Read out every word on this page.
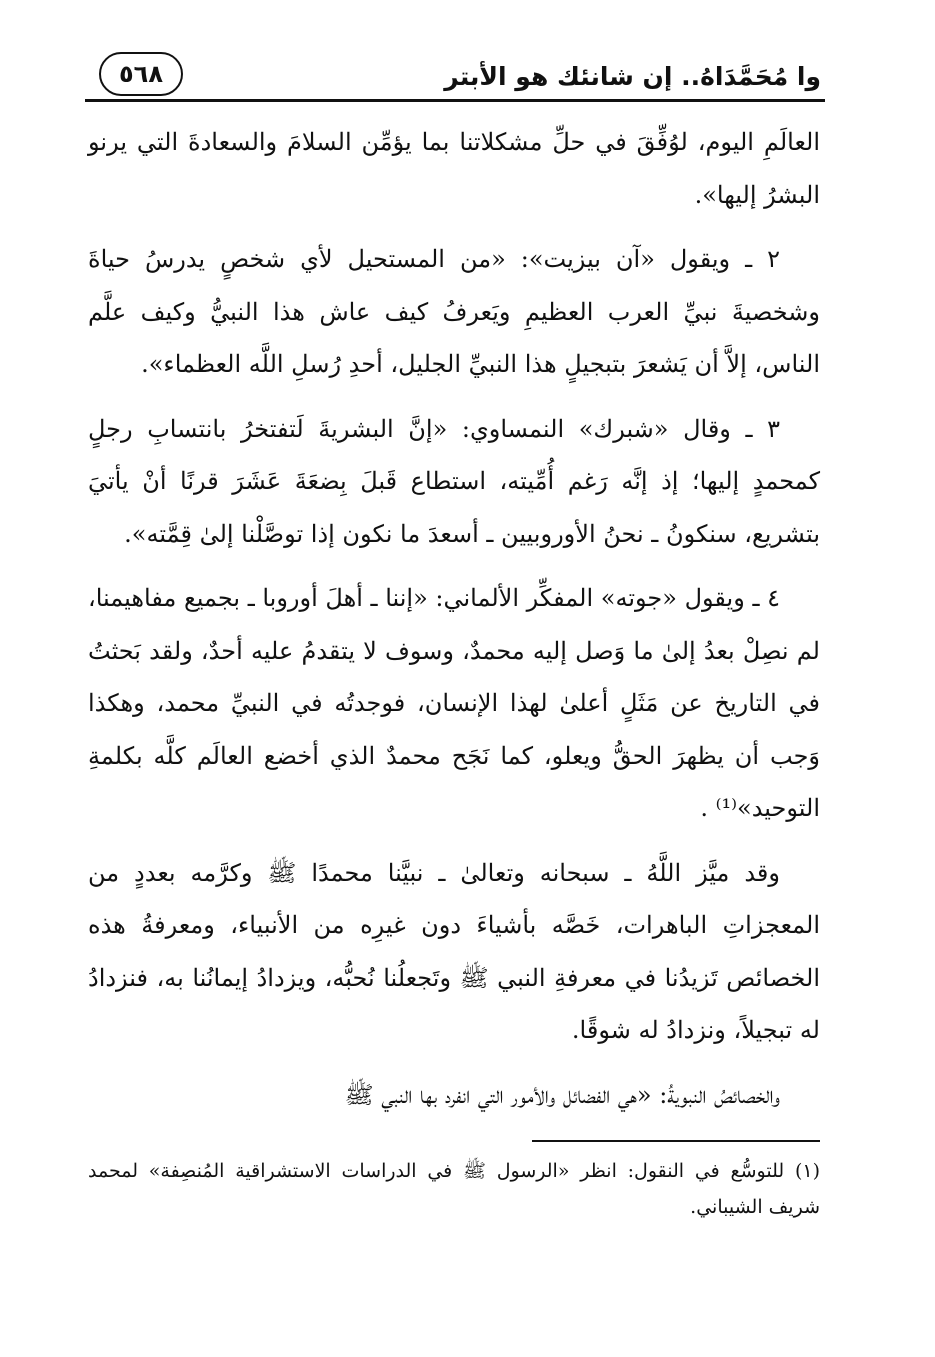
وا مُحَمَّدَاهُ.. إن شانئك هو الأبتر
٥٦٨

العالَمِ اليوم، لوُفِّقَ في حلِّ مشكلاتنا بما يؤمِّن السلامَ والسعادةَ التي يرنو البشرُ إليها».

٢ ـ ويقول «آن بيزيت»: «من المستحيل لأي شخصٍ يدرسُ حياةَ وشخصيةَ نبيِّ العرب العظيمِ ويَعرفُ كيف عاش هذا النبيُّ وكيف علَّم الناس، إلاَّ أن يَشعرَ بتبجيلٍ هذا النبيِّ الجليل، أحدِ رُسلِ اللَّه العظماء».

٣ ـ وقال «شبرك» النمساوي: «إنَّ البشريةَ لَتفتخرُ بانتسابِ رجلٍ كمحمدٍ إليها؛ إذ إنَّه رَغم أُمِّيته، استطاع قَبلَ بِضعَةَ عَشَرَ قرنًا أنْ يأتيَ بتشريع، سنكونُ ـ نحنُ الأوروبيين ـ أسعدَ ما نكون إذا توصَّلْنا إلىٰ قِمَّته».

٤ ـ ويقول «جوته» المفكِّر الألماني: «إننا ـ أهلَ أوروبا ـ بجميع مفاهيمنا، لم نصِلْ بعدُ إلىٰ ما وَصل إليه محمدٌ، وسوف لا يتقدمُ عليه أحدٌ، ولقد بَحثتُ في التاريخ عن مَثَلٍ أعلىٰ لهذا الإنسان، فوجدتُه في النبيِّ محمد، وهكذا وَجب أن يظهرَ الحقُّ ويعلو، كما نَجَح محمدٌ الذي أخضع العالَم كلَّه بكلمةِ التوحيد»⁽¹⁾ .

وقد ميَّز اللَّهُ ـ سبحانه وتعالىٰ ـ نبيَّنا محمدًا ﷺ وكرَّمه بعددٍ من المعجزاتِ الباهرات، خَصَّه بأشياءَ دون غيرِه من الأنبياء، ومعرفةُ هذه الخصائص تَزيدُنا في معرفةِ النبي ﷺ وتَجعلُنا نُحبُّه، ويزدادُ إيمانُنا به، فنزدادُ له تبجيلاً، ونزدادُ له شوقًا.

والخصائصُ النبويةُ: «هي الفضائل والأمور التي انفرد بها النبي ﷺ

(١) للتوسُّع في النقول: انظر «الرسول ﷺ في الدراسات الاستشراقية المُنصِفة» لمحمد شريف الشيباني.
